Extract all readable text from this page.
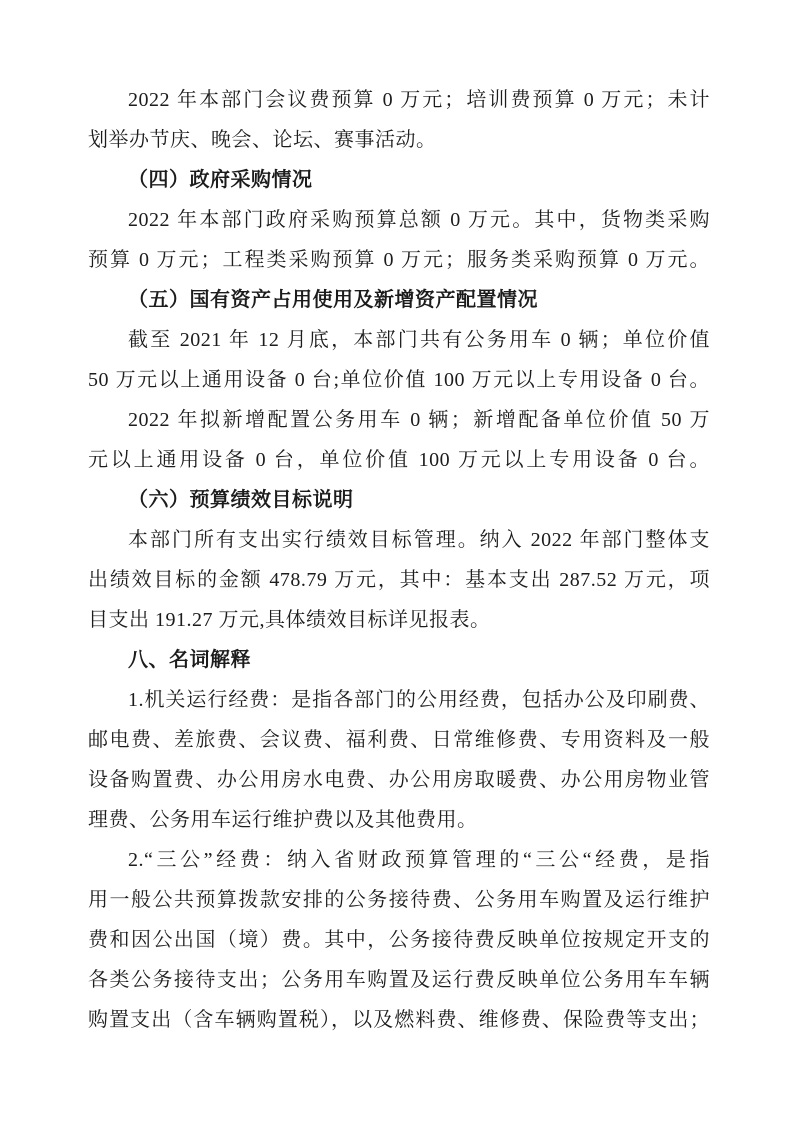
2022 年本部门会议费预算 0 万元；培训费预算 0 万元；未计
划举办节庆、晚会、论坛、赛事活动。
（四）政府采购情况
2022 年本部门政府采购预算总额 0 万元。其中，货物类采购
预算 0 万元；工程类采购预算 0 万元；服务类采购预算 0 万元。
（五）国有资产占用使用及新增资产配置情况
截至 2021 年 12 月底，本部门共有公务用车 0 辆；单位价值
50 万元以上通用设备 0 台;单位价值 100 万元以上专用设备 0 台。
2022 年拟新增配置公务用车 0 辆；新增配备单位价值 50 万
元以上通用设备 0 台，单位价值 100 万元以上专用设备 0 台。
（六）预算绩效目标说明
本部门所有支出实行绩效目标管理。纳入 2022 年部门整体支
出绩效目标的金额 478.79 万元，其中：基本支出 287.52 万元，项
目支出 191.27 万元,具体绩效目标详见报表。
八、名词解释
1.机关运行经费：是指各部门的公用经费，包括办公及印刷费、
邮电费、差旅费、会议费、福利费、日常维修费、专用资料及一般
设备购置费、办公用房水电费、办公用房取暖费、办公用房物业管
理费、公务用车运行维护费以及其他费用。
2.“三公”经费：纳入省财政预算管理的“三公“经费，是指
用一般公共预算拨款安排的公务接待费、公务用车购置及运行维护
费和因公出国（境）费。其中，公务接待费反映单位按规定开支的
各类公务接待支出；公务用车购置及运行费反映单位公务用车车辆
购置支出（含车辆购置税），以及燃料费、维修费、保险费等支出；
